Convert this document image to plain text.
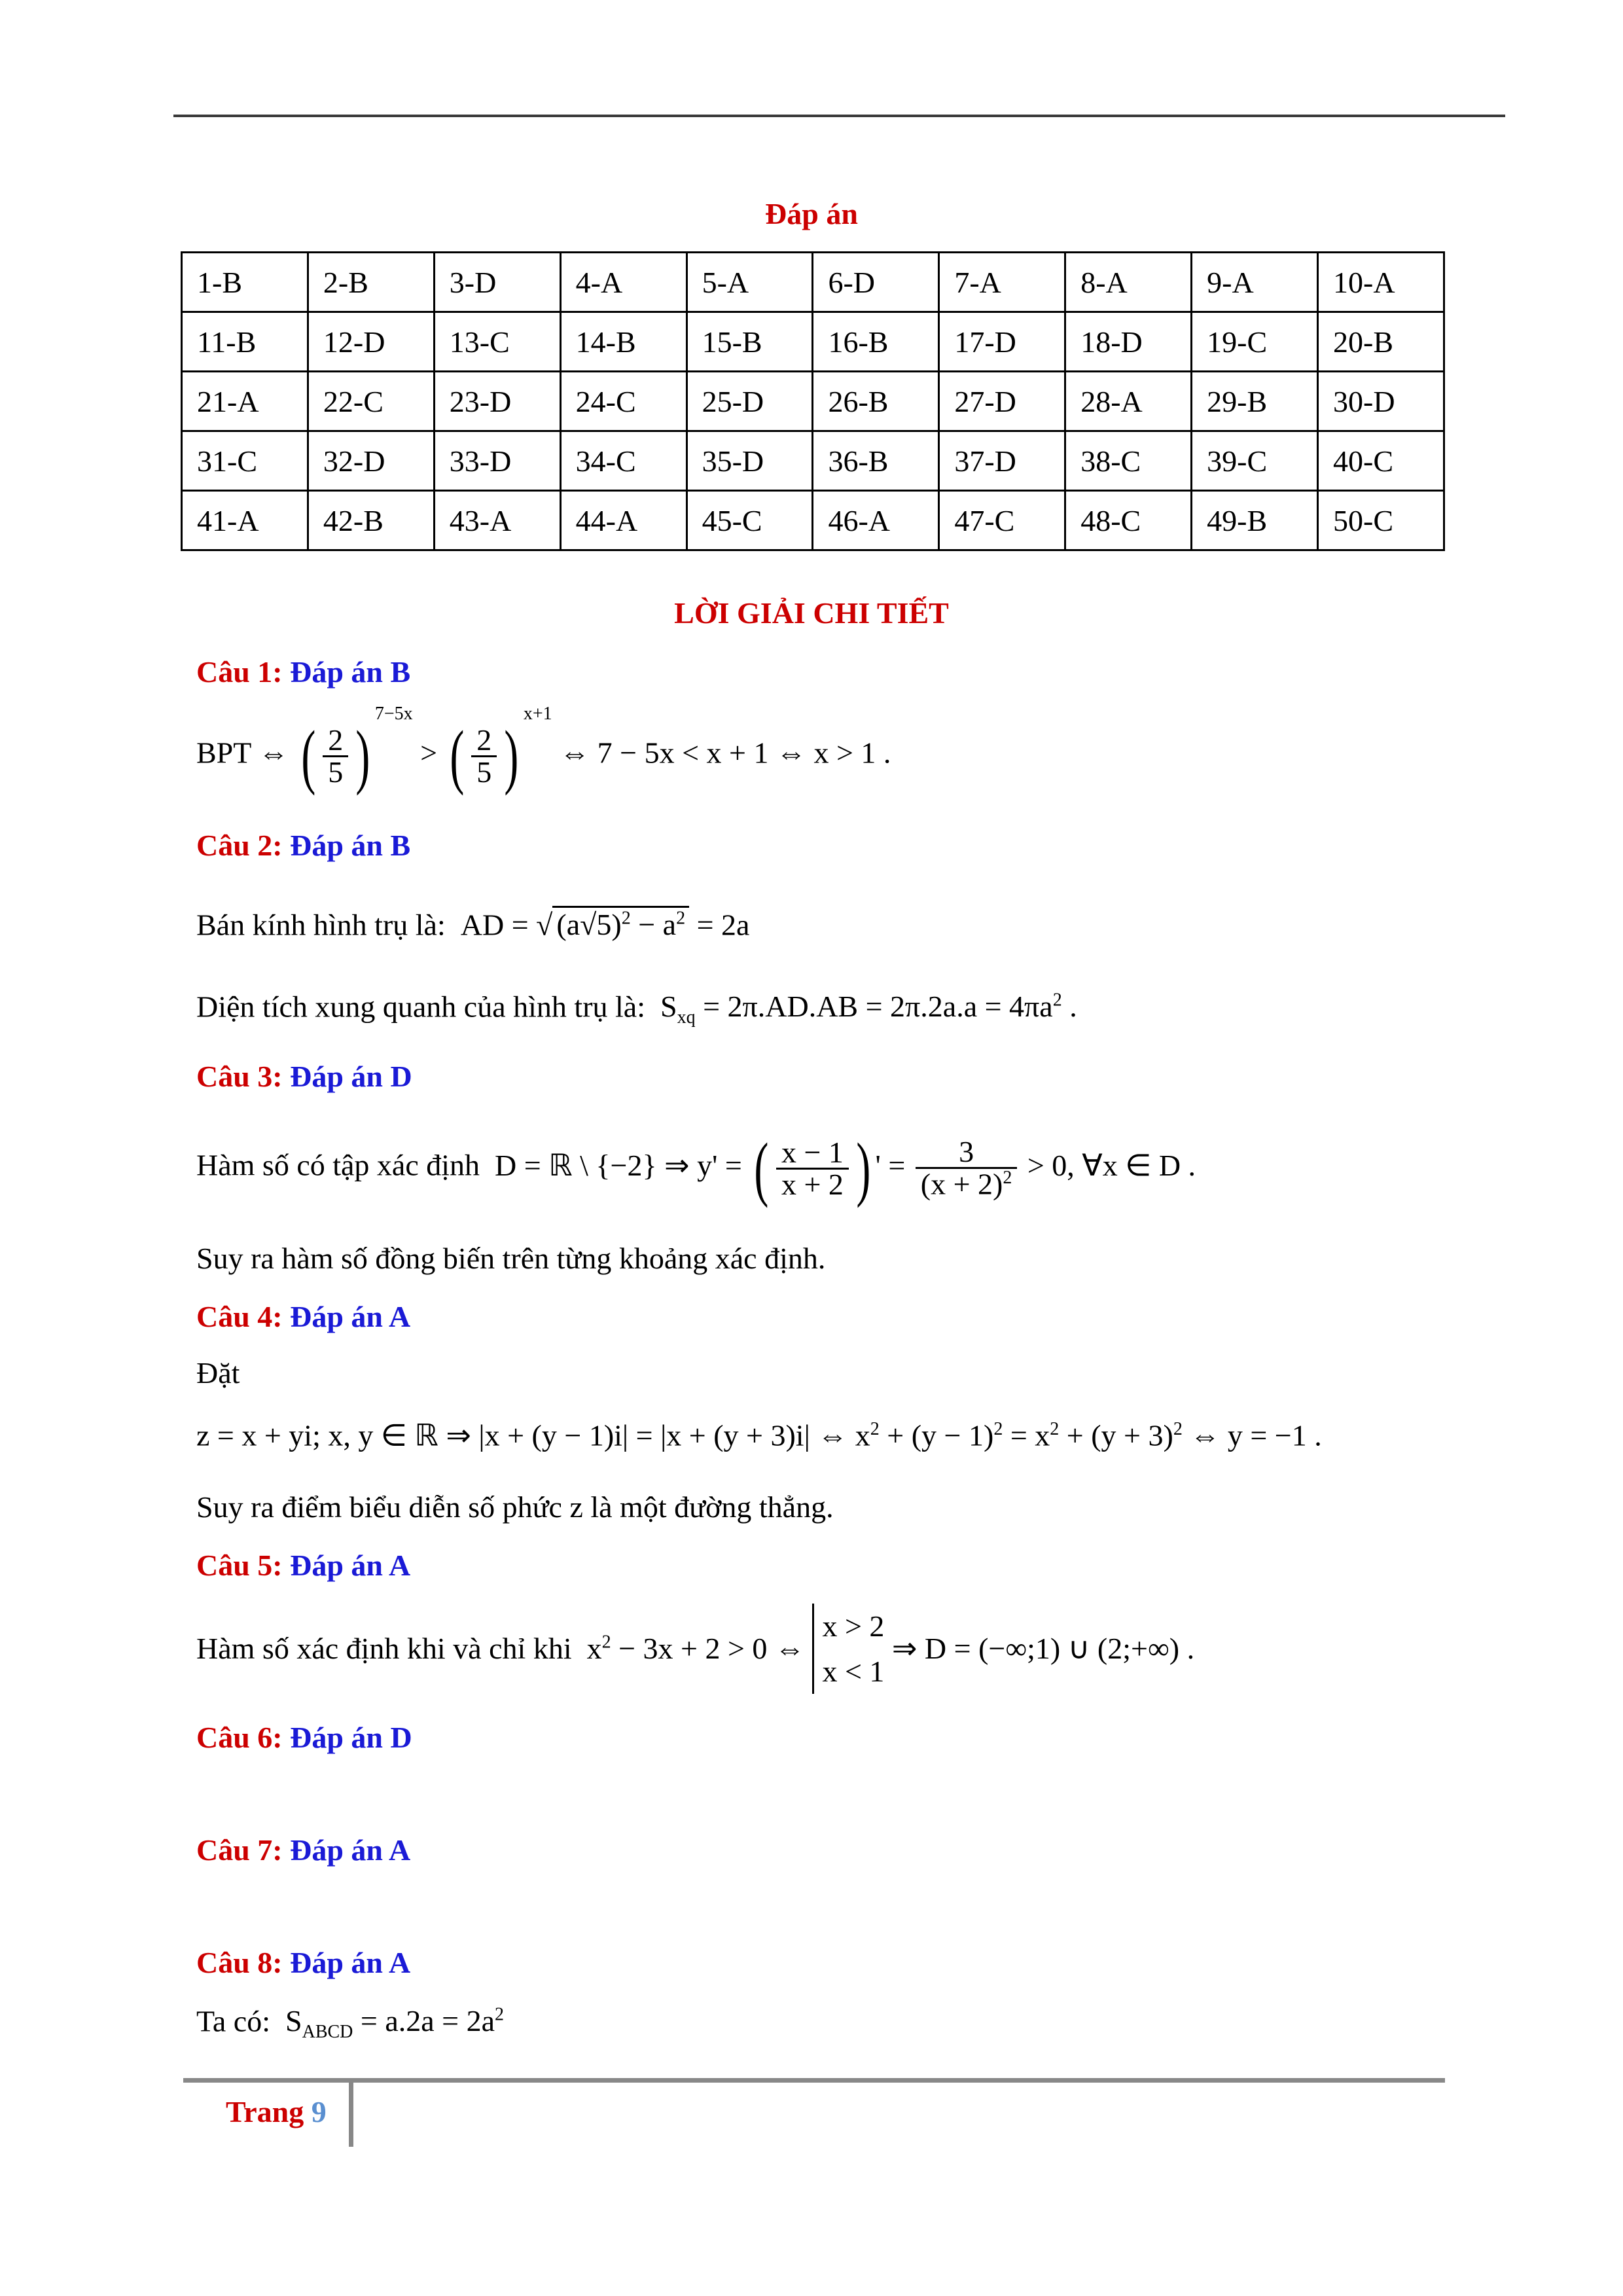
Đáp án
1-B	2-B	3-D	4-A	5-A	6-D	7-A	8-A	9-A	10-A
11-B	12-D	13-C	14-B	15-B	16-B	17-D	18-D	19-C	20-B
21-A	22-C	23-D	24-C	25-D	26-B	27-D	28-A	29-B	30-D
31-C	32-D	33-D	34-C	35-D	36-B	37-D	38-C	39-C	40-C
41-A	42-B	43-A	44-A	45-C	46-A	47-C	48-C	49-B	50-C
LỜI GIẢI CHI TIẾT
Câu 1: Đáp án B
BPT ⇔ ( $\frac{2}{5} )^{7-5x}$ > ( $\frac{2}{5} )^{x+1}$ ⇔ 7 − 5x < x + 1 ⇔ x > 1 .
Câu 2: Đáp án B
Bán kính hình trụ là:  AD = √ $(a√5)^2 - a^2 = 2a$
Diện tích xung quanh của hình trụ là:  $S_{xq} = 2\pi.AD.AB = 2\pi.2a.a = 4\pi a^2$ .
Câu 3: Đáp án D
Hàm số có tập xác định  D = ℝ \ {−2} ⇒ y' = ( $\frac{x - 1}{x + 2}$ ) ' = $\frac{3}{(x + 2)^2} > 0$, ∀x ∈ D .
Suy ra hàm số đồng biến trên từng khoảng xác định.
Câu 4: Đáp án A
Đặt
z = x + yi; x, y ∈ ℝ ⇒ |x + (y − 1)i| = |x + (y + 3)i| ⇔ $x^2 + (y - 1)^2 = x^2 + (y + 3)^2$ ⇔ y = −1 .
Suy ra điểm biểu diễn số phức z là một đường thẳng.
Câu 5: Đáp án A
Hàm số xác định khi và chỉ khi  $x^2 - 3x + 2 > 0$ ⇔ x > 2
x < 1 ⇒ D = (−∞;1) ∪ (2;+∞) .
Câu 6: Đáp án D
Câu 7: Đáp án A
Câu 8: Đáp án A
Ta có:  $S_{ABCD} = a.2a = 2a^2$
Trang 9
